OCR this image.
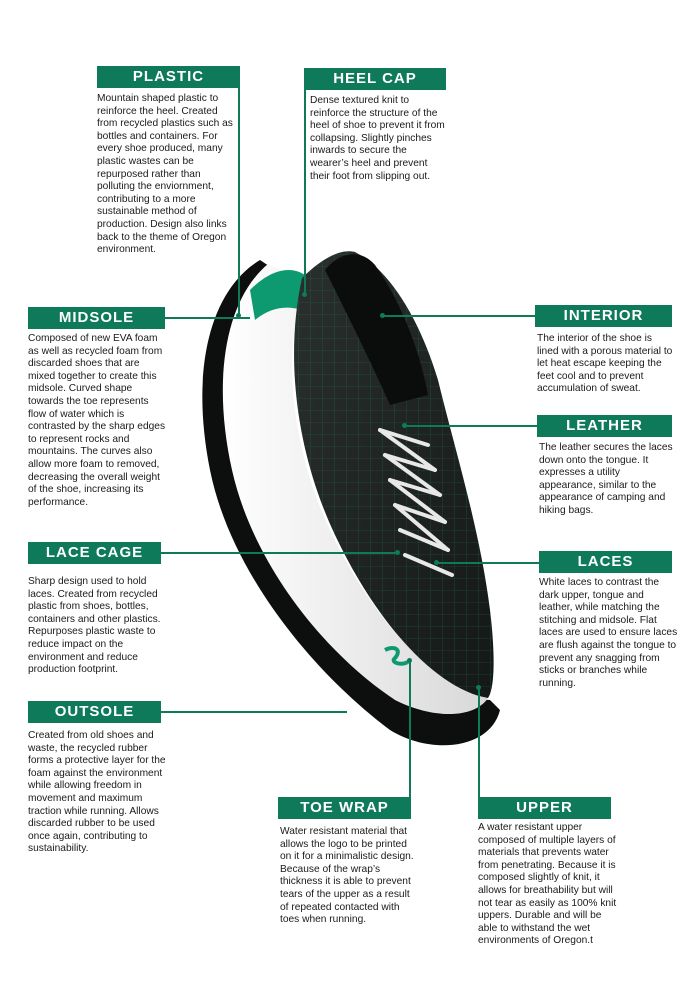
PLASTIC

Mountain shaped plastic to reinforce the heel. Created from recycled plastics such as bottles and containers. For every shoe produced, many plastic wastes can be repurposed rather than polluting the enviornment, contributing to a more sustainable method of production. Design also links back to the theme of Oregon environment.

HEEL CAP

Dense textured knit to reinforce the structure of the heel of shoe to prevent it from collapsing. Slightly pinches inwards to secure the wearer’s heel and prevent their foot from slipping out.

MIDSOLE

Composed of new EVA foam as well as recycled foam from discarded shoes that are mixed together to create this midsole. Curved shape towards the toe represents flow of water which is contrasted by the sharp edges to represent rocks and mountains. The curves also allow more foam to removed, decreasing the overall weight of the shoe, increasing its performance.

INTERIOR

The interior of the shoe is lined with a porous material to let heat escape keeping the feet cool and to prevent accumulation of sweat.

LEATHER

The leather secures the laces down onto the tongue. It expresses a utility appearance, similar to the appearance of camping and hiking bags.

LACE CAGE

Sharp design used to hold laces. Created from recycled plastic from shoes, bottles, containers and other plastics. Repurposes plastic waste to reduce impact on the environment and reduce production footprint.

LACES

White laces to contrast the dark upper, tongue and leather, while matching the stitching and midsole. Flat laces are used to ensure laces are flush against the tongue to prevent any snagging from sticks or branches while running.

OUTSOLE

Created from old shoes and waste, the recycled rubber forms a protective layer for the foam against the environment while allowing freedom in movement and maximum traction while running. Allows discarded rubber to be used once again, contributing to sustainability.

TOE WRAP

Water resistant material that allows the logo to be printed on it for a minimalistic design. Because of the wrap’s thickness it is able to prevent tears of the upper as a result of repeated contacted with toes when running.

UPPER

A water resistant upper composed of multiple layers of materials that prevents water from penetrating. Because it is composed slightly of knit, it allows for breathability but will not tear as easily as 100% knit uppers. Durable and will be able to withstand the wet environments of Oregon.t
